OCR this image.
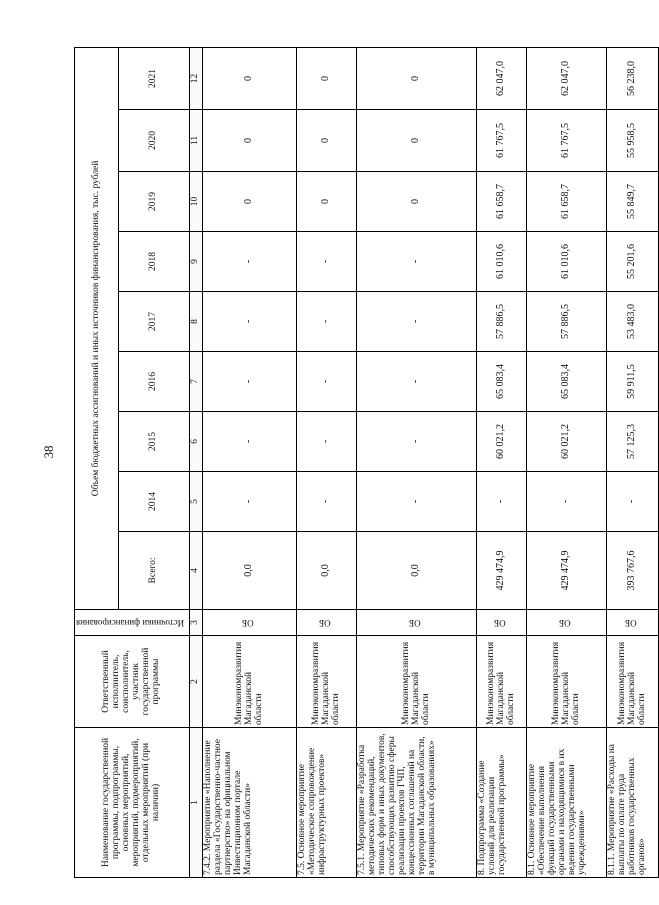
38
Наименование государственной программы, подпрограммы, основных мероприятий, мероприятий, подмероприятий, отдельных мероприятий (при наличии)	Ответственный исполнитель, соисполнитель, участник государственной программы	Источники финансирования	Объем бюджетных ассигнований и иных источников финансирования, тыс. рублей								
			Всего:	2014	2015	2016	2017	2018	2019	2020	2021
1	2	3	4	5	6	7	8	9	10	11	12
7.4.2. Мероприятие «Наполнение раздела «Государственно-частное партнерство» на официальном Инвестиционном портале Магаданской области»	Минэкономразвития Магаданской области	ОБ	0,0	-	-	-	-	-	0	0	0
7.5. Основное мероприятие «Методическое сопровождение инфраструктурных проектов»	Минэкономразвития Магаданской области	ОБ	0,0	-	-	-	-	-	0	0	0
7.5.1. Мероприятие «Разработка методических рекомендаций, типовых форм и иных документов, способствующих развитию сферы реализации проектов ГЧП, концессионных соглашений на территории Магаданской области, в муниципальных образованиях»	Минэкономразвития Магаданской области	ОБ	0,0	-	-	-	-	-	0	0	0
8. Подпрограмма «Создание условий для реализации государственной программы»	Минэкономразвития Магаданской области	ОБ	429 474,9	-	60 021,2	65 083,4	57 886,5	61 010,6	61 658,7	61 767,5	62 047,0
8.1. Основное мероприятие «Обеспечение выполнения функций государственными органами и находящимися в их ведении государственными учреждениями»	Минэкономразвития Магаданской области	ОБ	429 474,9	-	60 021,2	65 083,4	57 886,5	61 010,6	61 658,7	61 767,5	62 047,0
8.1.1. Мероприятие «Расходы на выплаты по оплате труда работников государственных органов»	Минэкономразвития Магаданской области	ОБ	393 767,6	-	57 125,3	59 911,5	53 483,0	55 201,6	55 849,7	55 958,5	56 238,0
